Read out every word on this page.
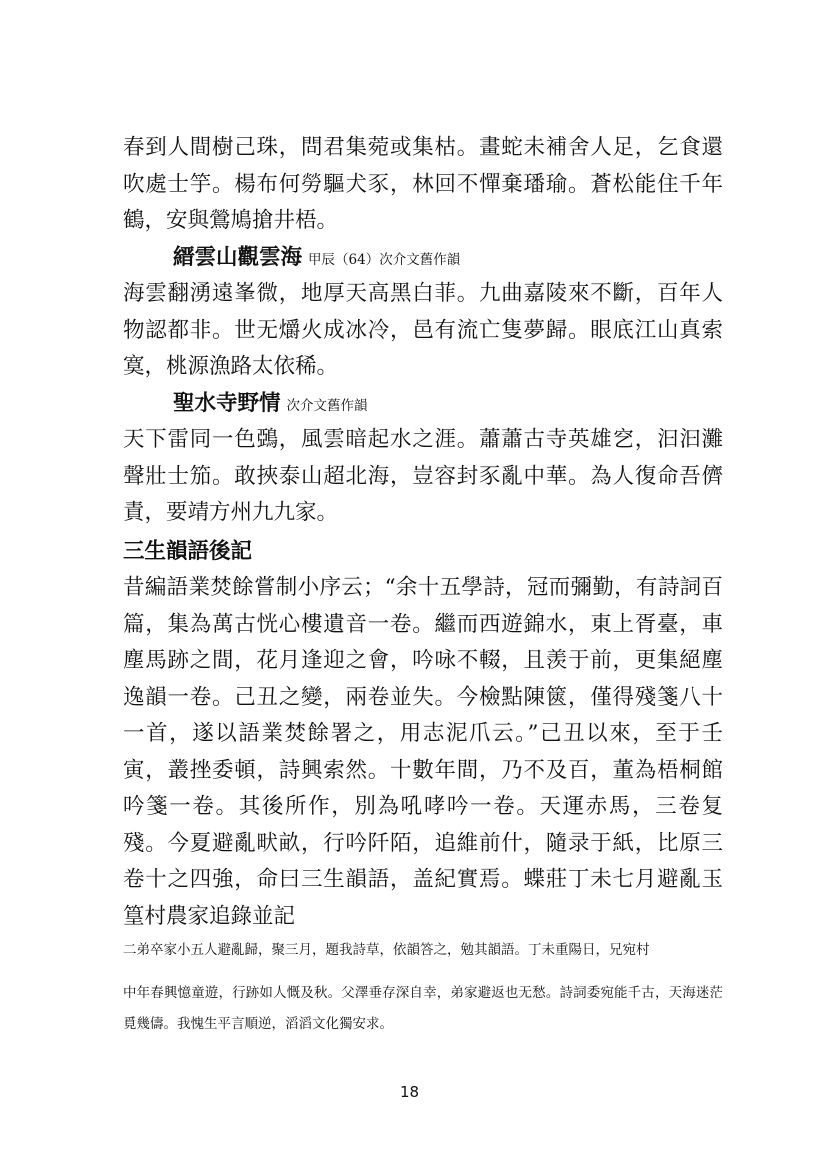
春到人間樹己珠，問君集菀或集枯。畫蛇未補舍人足，乞食還吹處士竽。楊布何勞驅犬豕，林回不憚棄璠瑜。蒼松能住千年鶴，安與鶯鳩搶井梧。

縉雲山觀雲海 甲辰（64）次介文舊作韻

海雲翻湧遠峯微，地厚天高黑白菲。九曲嘉陵來不斷，百年人物認都非。世无爝火成冰冷，邑有流亡隻夢歸。眼底江山真索寞，桃源漁路太依稀。

聖水寺野情 次介文舊作韻

天下雷同一色鵶，風雲暗起水之涯。蕭蕭古寺英雄穵，汩汩灘聲壯士笳。敢挾泰山超北海，豈容封豕亂中華。為人復命吾儕責，要靖方州九九家。

三生韻語後記

昔編語業焚餘嘗制小序云；“余十五學詩，冠而彌勤，有詩詞百篇，集為萬古恍心樓遺音一卷。繼而西遊錦水，東上胥臺，車塵馬跡之間，花月逢迎之會，吟咏不輟，且羡于前，更集絕塵逸韻一卷。己丑之變，兩卷並失。今檢點陳篋，僅得殘箋八十一首，遂以語業焚餘署之，用志泥爪云。”己丑以來，至于壬寅，叢挫委頓，詩興索然。十數年間，乃不及百，董為梧桐館吟箋一卷。其後所作，別為吼哮吟一卷。天運赤馬，三卷复殘。今夏避亂畎畝，行吟阡陌，追維前什，隨录于紙，比原三卷十之四強，命曰三生韻語，盖紀實焉。蝶莊丁未七月避亂玉篁村農家追錄並記

二弟卒家小五人避亂歸，聚三月，題我詩草，依韻答之，勉其韻語。丁未重陽日，兄宛村

中年春興憶童遊，行跡如人慨及秋。父澤垂存深自幸，弟家避返也无愁。詩詞委宛能千古，天海迷茫覓幾儔。我愧生平言順逆，滔滔文化獨安求。

18
